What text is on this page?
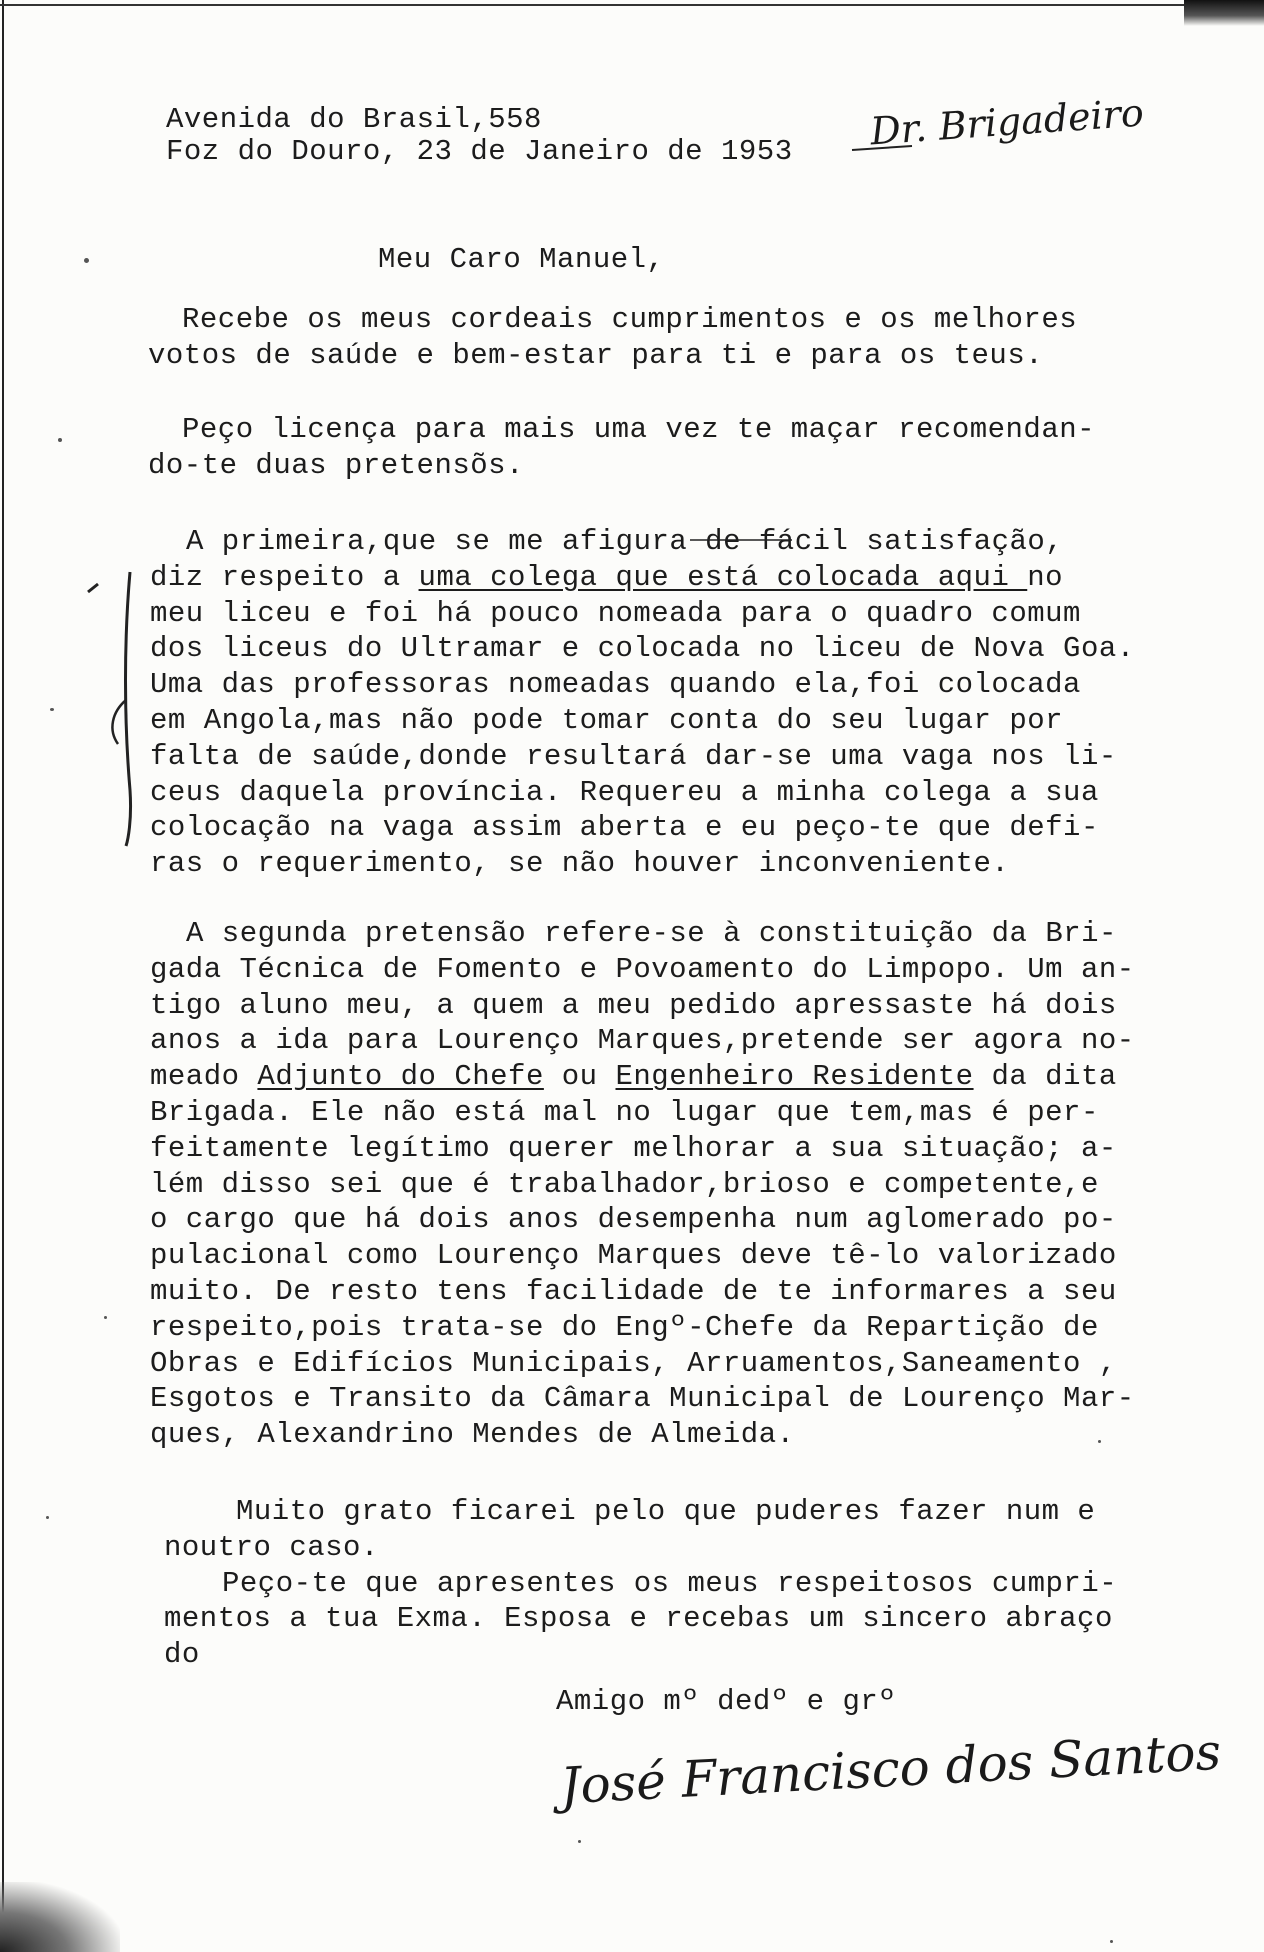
Avenida do Brasil,558
Foz do Douro, 23 de Janeiro de 1953 Dr. Brigadeiro
Meu Caro Manuel,
Recebe os meus cordeais cumprimentos e os melhores
votos de saúde e bem-estar para ti e para os teus.
Peço licença para mais uma vez te maçar recomendan-
do-te duas pretensõs.
A primeira,que se me afigura de fácil satisfação,
diz respeito a uma colega que está colocada aqui no
meu liceu e foi há pouco nomeada para o quadro comum
dos liceus do Ultramar e colocada no liceu de Nova Goa.
Uma das professoras nomeadas quando ela,foi colocada
em Angola,mas não pode tomar conta do seu lugar por
falta de saúde,donde resultará dar-se uma vaga nos li-
ceus daquela província. Requereu a minha colega a sua
colocação na vaga assim aberta e eu peço-te que defi-
ras o requerimento, se não houver inconveniente.
A segunda pretensão refere-se à constituição da Bri-
gada Técnica de Fomento e Povoamento do Limpopo. Um an-
tigo aluno meu, a quem a meu pedido apressaste há dois
anos a ida para Lourenço Marques,pretende ser agora no-
meado Adjunto do Chefe ou Engenheiro Residente da dita
Brigada. Ele não está mal no lugar que tem,mas é per-
feitamente legítimo querer melhorar a sua situação; a-
lém disso sei que é trabalhador,brioso e competente,e
o cargo que há dois anos desempenha num aglomerado po-
pulacional como Lourenço Marques deve tê-lo valorizado
muito. De resto tens facilidade de te informares a seu
respeito,pois trata-se do Engº-Chefe da Repartição de
Obras e Edifícios Municipais, Arruamentos,Saneamento ,
Esgotos e Transito da Câmara Municipal de Lourenço Mar-
ques, Alexandrino Mendes de Almeida.
Muito grato ficarei pelo que puderes fazer num e
noutro caso.
Peço-te que apresentes os meus respeitosos cumpri-
mentos a tua Exma. Esposa e recebas um sincero abraço
do
Amigo mº dedº e grº
José Francisco dos Santos
